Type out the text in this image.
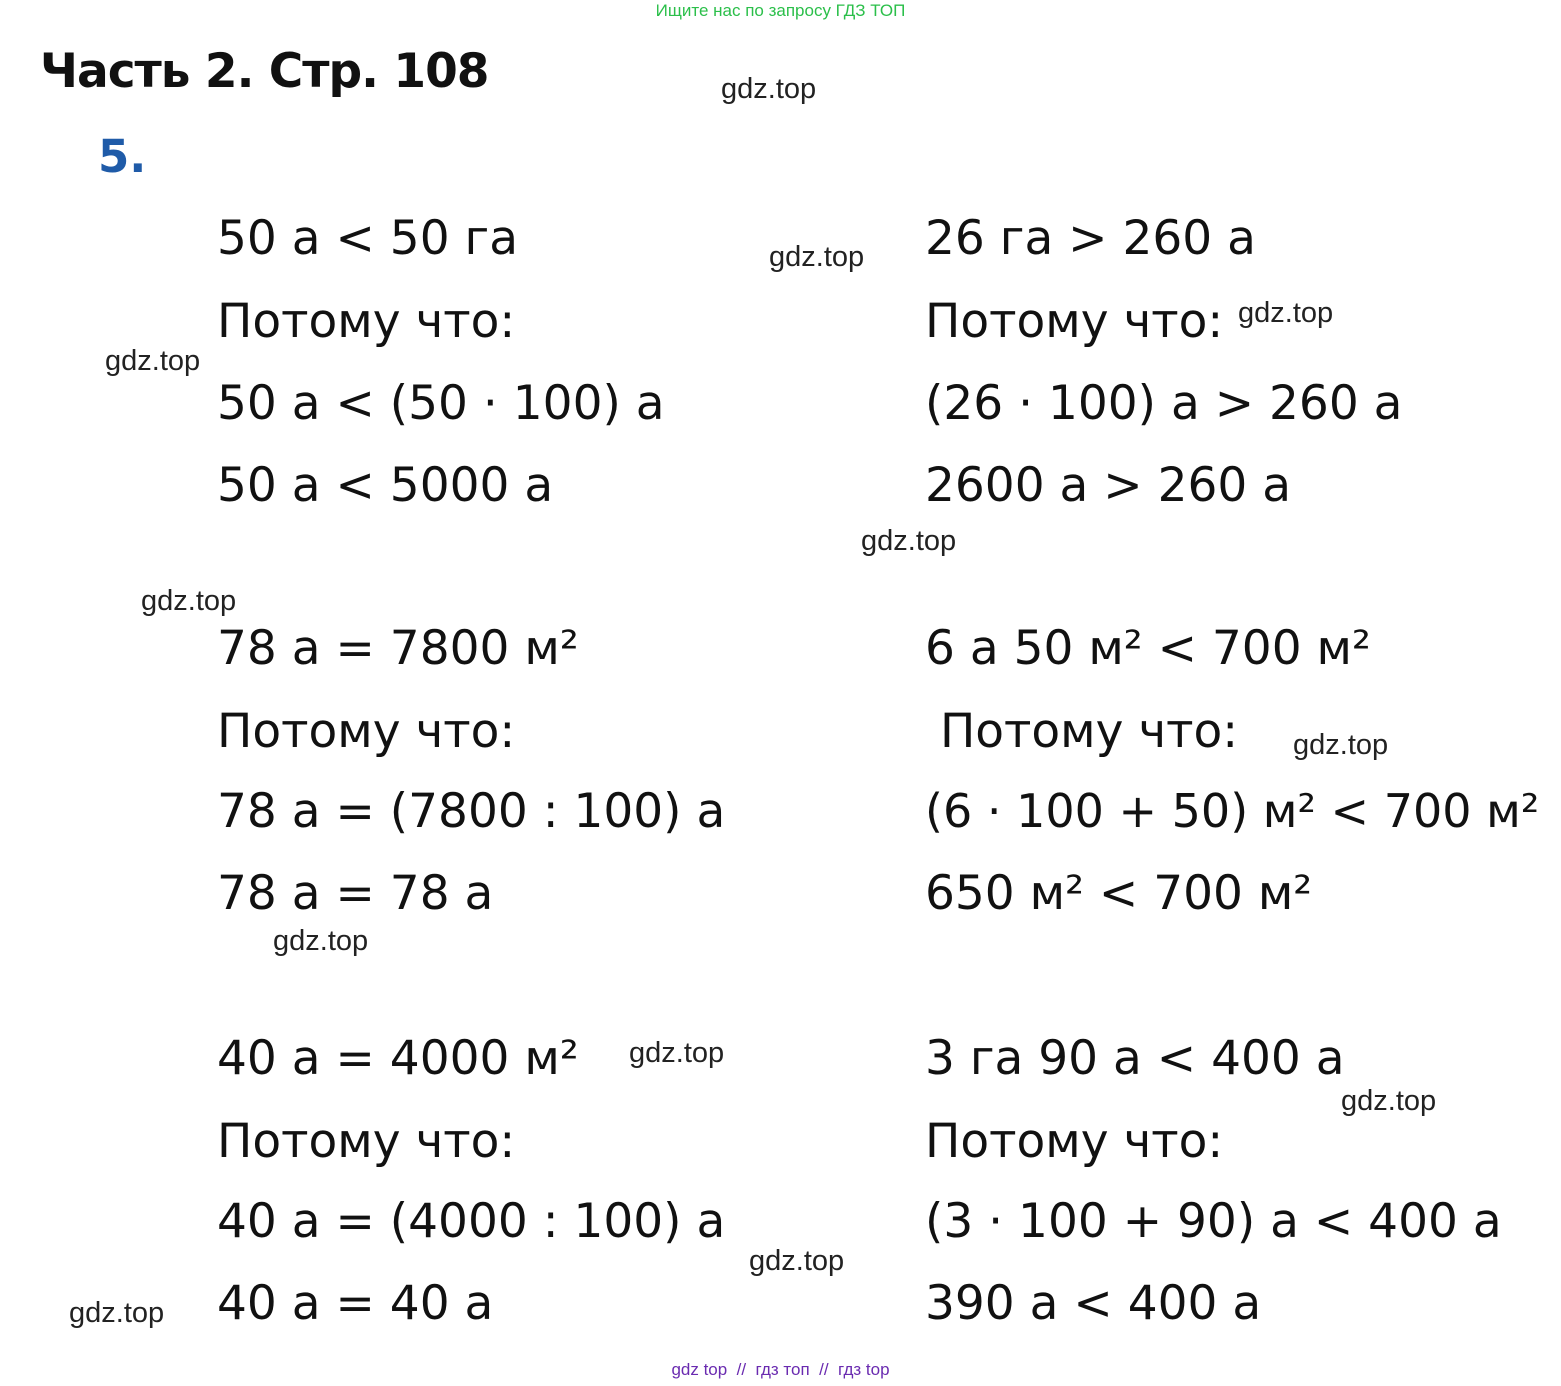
Ищите нас по запросу ГДЗ ТОП
Часть 2. Стр. 108
5.
50 а < 50 га
Потому что:
50 а < (50 · 100) а
50 а < 5000 а
26 га > 260 а
Потому что:
(26 · 100) а > 260 а
2600 а > 260 а
78 а = 7800 м²
Потому что:
78 а = (7800 : 100) а
78 а = 78 а
6 а 50 м² < 700 м²
Потому что:
(6 · 100 + 50) м² < 700 м²
650 м² < 700 м²
40 а = 4000 м²
Потому что:
40 а = (4000 : 100) а
40 а = 40 а
3 га 90 а < 400 а
Потому что:
(3 · 100 + 90) а < 400 а
390 а < 400 а
gdz.top
gdz.top
gdz.top
gdz.top
gdz.top
gdz.top
gdz.top
gdz.top
gdz.top
gdz.top
gdz.top
gdz.top
gdz top  //  гдз топ  //  гдз top
